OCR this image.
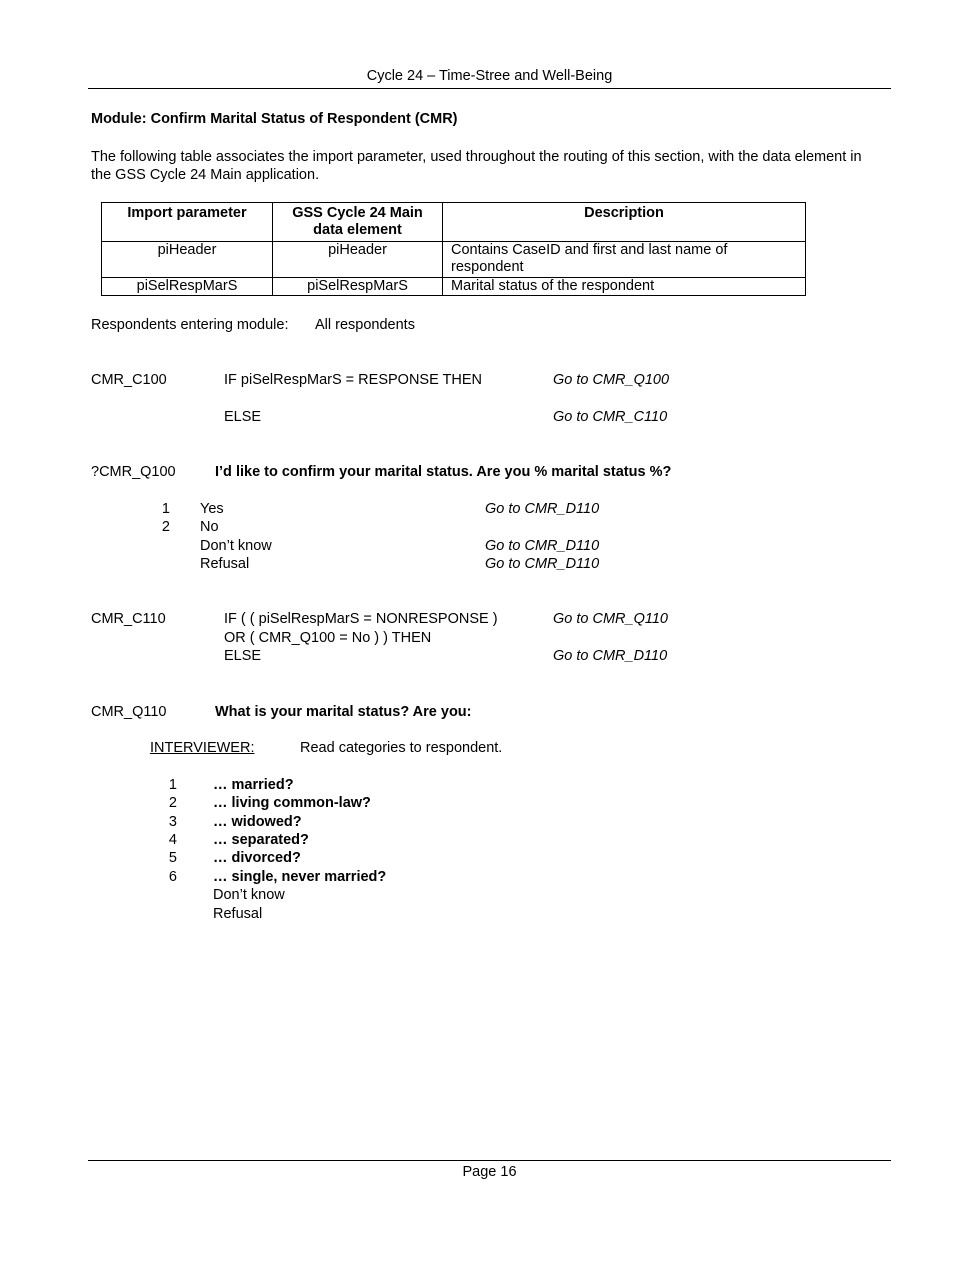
Cycle 24 – Time-Stree and Well-Being
Module: Confirm Marital Status of Respondent (CMR)
The following table associates the import parameter, used throughout the routing of this section, with the data element in the GSS Cycle 24 Main application.
Import parameter	GSS Cycle 24 Main data element	Description
piHeader	piHeader	Contains CaseID and first and last name of respondent
piSelRespMarS	piSelRespMarS	Marital status of the respondent
Respondents entering module: All respondents
CMR_C100	IF piSelRespMarS = RESPONSE THEN	Go to CMR_Q100
ELSE	Go to CMR_C110
?CMR_Q100	I’d like to confirm your marital status. Are you % marital status %?
1 Yes	Go to CMR_D110
2 No
Don’t know	Go to CMR_D110
Refusal	Go to CMR_D110
CMR_C110	IF ( ( piSelRespMarS = NONRESPONSE )	Go to CMR_Q110
OR ( CMR_Q100 = No ) ) THEN
ELSE	Go to CMR_D110
CMR_Q110	What is your marital status? Are you:
INTERVIEWER:	Read categories to respondent.
1 … married?
2 … living common-law?
3 … widowed?
4 … separated?
5 … divorced?
6 … single, never married?
Don’t know
Refusal
Page 16
